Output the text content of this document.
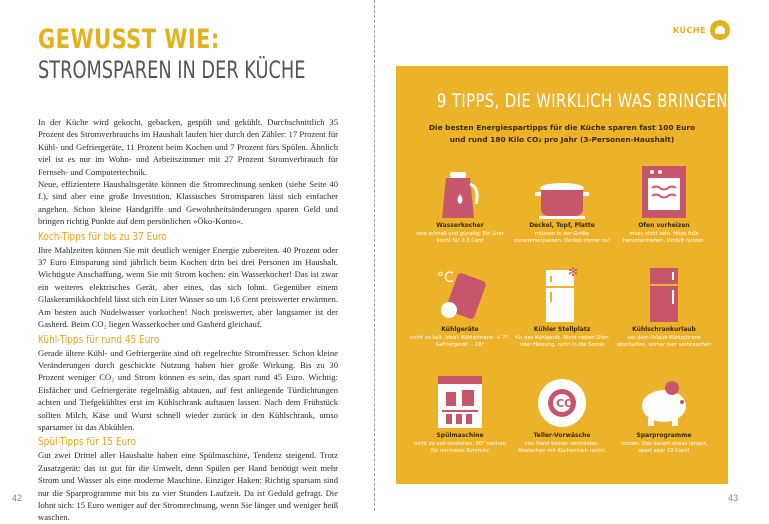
GEWUSST WIE:
STROMSPAREN IN DER KÜCHE

In der Küche wird gekocht, gebacken, gespült und gekühlt. Durchschnittlich 35 Prozent des Stromverbrauchs im Haushalt laufen hier durch den Zähler: 17 Prozent für Kühl- und Gefriergeräte, 11 Prozent beim Kochen und 7 Prozent fürs Spülen. Ähnlich viel ist es nur im Wohn- und Arbeitszimmer mit 27 Prozent Stromverbrauch für Fernseh- und Computertechnik.

Neue, effizientere Haushaltsgeräte können die Stromrechnung senken (siehe Seite 40 f.), sind aber eine große Investition. Klassisches Stromsparen lässt sich einfacher angehen. Schon kleine Handgriffe und Gewohnheitsänderungen sparen Geld und bringen richtig Punkte auf dem persönlichen »Öko-Konto«.

Koch-Tipps für bis zu 37 Euro

Ihre Mahlzeiten können Sie mit deutlich weniger Energie zubereiten. 40 Prozent oder 37 Euro Einsparung sind jährlich beim Kochen drin bei drei Personen im Haushalt. Wichtigste Anschaffung, wenn Sie mit Strom kochen: ein Wasserkocher! Das ist zwar ein weiteres elektrisches Gerät, aber eines, das sich lohnt. Gegenüber einem Glaskeramikkochfeld lässt sich ein Liter Wasser so um 1,6 Cent preiswerter erwärmen. Am besten auch Nudelwasser vorkochen! Noch preiswerter, aber langsamer ist der Gasherd. Beim CO₂ liegen Wasserkocher und Gasherd gleichauf.

Kühl-Tipps für rund 45 Euro

Gerade ältere Kühl- und Gefriergeräte sind oft regelrechte Stromfresser. Schon kleine Veränderungen durch geschickte Nutzung haben hier große Wirkung. Bis zu 30 Prozent weniger CO₂ und Strom können es sein, das spart rund 45 Euro. Wichtig: Eisfächer und Gefriergeräte regelmäßig abtauen, auf fest anliegende Türdichtungen achten und Tiefgekühltes erst im Kühlschrank auftauen lassen. Nach dem Frühstück sollten Milch, Käse und Wurst schnell wieder zurück in den Kühlschrank, umso sparsamer ist das Abkühlen.

Spül-Tipps für 15 Euro

Gut zwei Drittel aller Haushalte haben eine Spülmaschine, Tendenz steigend. Trotz Zusatzgerät: das ist gut für die Umwelt, denn Spülen per Hand benötigt weit mehr Strom und Wasser als eine moderne Maschine. Einziger Haken: Richtig sparsam sind nur die Sparprogramme mit bis zu vier Stunden Laufzeit. Da ist Geduld gefragt. Die lohnt sich: 15 Euro weniger auf der Stromrechnung, wenn Sie länger und weniger heiß waschen.

42
KÜCHE
9 TIPPS, DIE WIRKLICH WAS BRINGEN
Die besten Energiespartipps für die Küche sparen fast 100 Euro
und rund 180 Kilo CO₂ pro Jahr (3-Personen-Haushalt)
Wasserkocher
sind schnell und günstig: Ein Liter kocht für 3,3 Cent
Deckel, Topf, Platte
müssen in der Größe zusammenpassen. Deckel immer zu!
Ofen vorheizen
muss nicht sein. Hitze früh herunterdrehen, Umluft nutzen.
°C
Kühlgeräte
nicht zu kalt. Ideal: Kühlschrank: + 7°, Gefriergerät: – 18°
✻
Kühler Stellplatz
für das Kühlgerät. Nicht neben Ofen oder Heizung, nicht in die Sonne
Kühlschrankurlaub
vor dem Urlaub Kühlschrank abschalten, vorher leer verbrauchen
Spülmaschine
nicht zu voll einstellen. 50° reichen für normalen Schmutz
CO
Teller-Vorwäsche
von Hand besser vermeiden. Abwischen mit Küchentuch reicht.
Sparprogramme
nutzen. Das dauert etwas länger, spart aber 10 Cent!
43
